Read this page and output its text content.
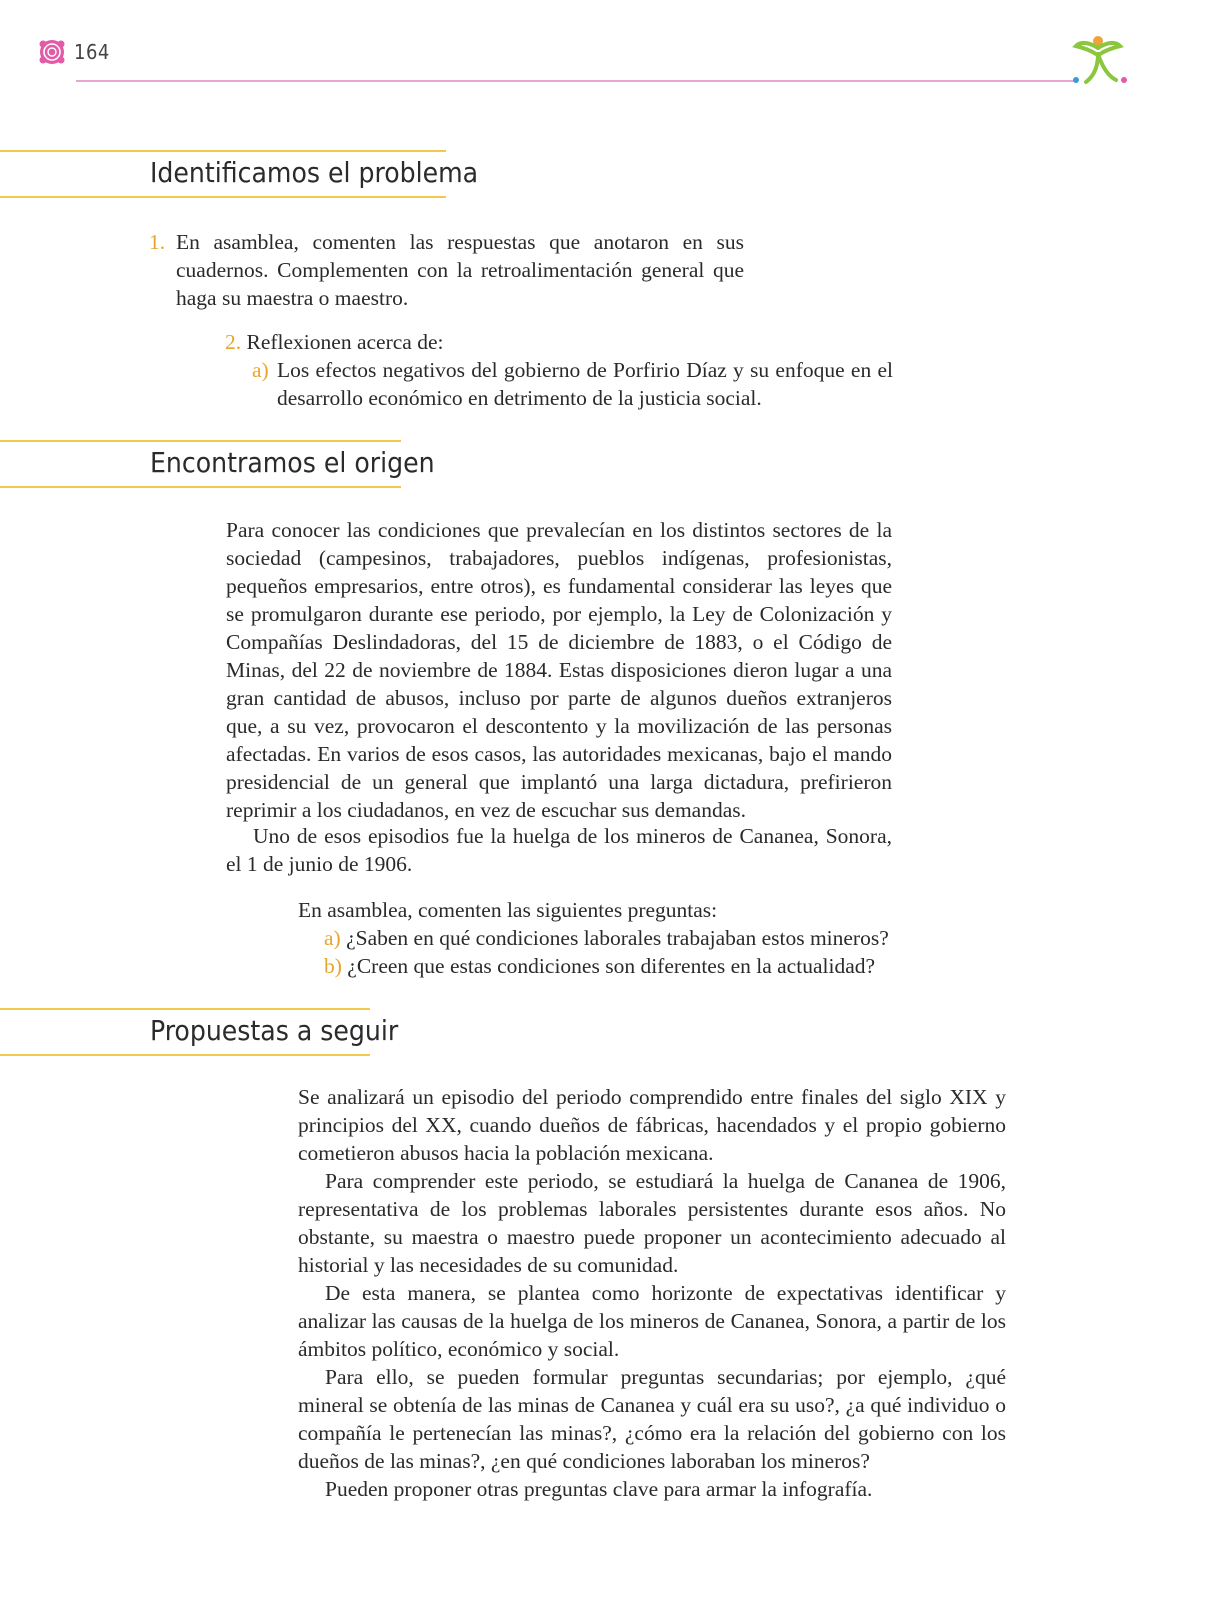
164
Identificamos el problema
1. En asamblea, comenten las respuestas que anotaron en sus cuadernos. Complementen con la retroalimentación general que haga su maestra o maestro.
2. Reflexionen acerca de:
a) Los efectos negativos del gobierno de Porfirio Díaz y su enfoque en el desarrollo económico en detrimento de la justicia social.
Encontramos el origen

Para conocer las condiciones que prevalecían en los distintos sectores de la sociedad (campesinos, trabajadores, pueblos indígenas, profesionistas, pequeños empresarios, entre otros), es fundamental considerar las leyes que se promulgaron durante ese periodo, por ejemplo, la Ley de Colonización y Compañías Deslindadoras, del 15 de diciembre de 1883, o el Código de Minas, del 22 de noviembre de 1884. Estas disposiciones dieron lugar a una gran cantidad de abusos, incluso por parte de algunos dueños extranjeros que, a su vez, provocaron el descontento y la movilización de las personas afectadas. En varios de esos casos, las autoridades mexicanas, bajo el mando presidencial de un general que implantó una larga dictadura, prefirieron reprimir a los ciudadanos, en vez de escuchar sus demandas.

Uno de esos episodios fue la huelga de los mineros de Cananea, Sonora, el 1 de junio de 1906.

En asamblea, comenten las siguientes preguntas:
a) ¿Saben en qué condiciones laborales trabajaban estos mineros?
b) ¿Creen que estas condiciones son diferentes en la actualidad?
Propuestas a seguir

Se analizará un episodio del periodo comprendido entre finales del siglo XIX y principios del XX, cuando dueños de fábricas, hacendados y el propio gobierno cometieron abusos hacia la población mexicana.

Para comprender este periodo, se estudiará la huelga de Cananea de 1906, representativa de los problemas laborales persistentes durante esos años. No obstante, su maestra o maestro puede proponer un acontecimiento adecuado al historial y las necesidades de su comunidad.

De esta manera, se plantea como horizonte de expectativas identificar y analizar las causas de la huelga de los mineros de Cananea, Sonora, a partir de los ámbitos político, económico y social.

Para ello, se pueden formular preguntas secundarias; por ejemplo, ¿qué mineral se obtenía de las minas de Cananea y cuál era su uso?, ¿a qué individuo o compañía le pertenecían las minas?, ¿cómo era la relación del gobierno con los dueños de las minas?, ¿en qué condiciones laboraban los mineros?

Pueden proponer otras preguntas clave para armar la infografía.
